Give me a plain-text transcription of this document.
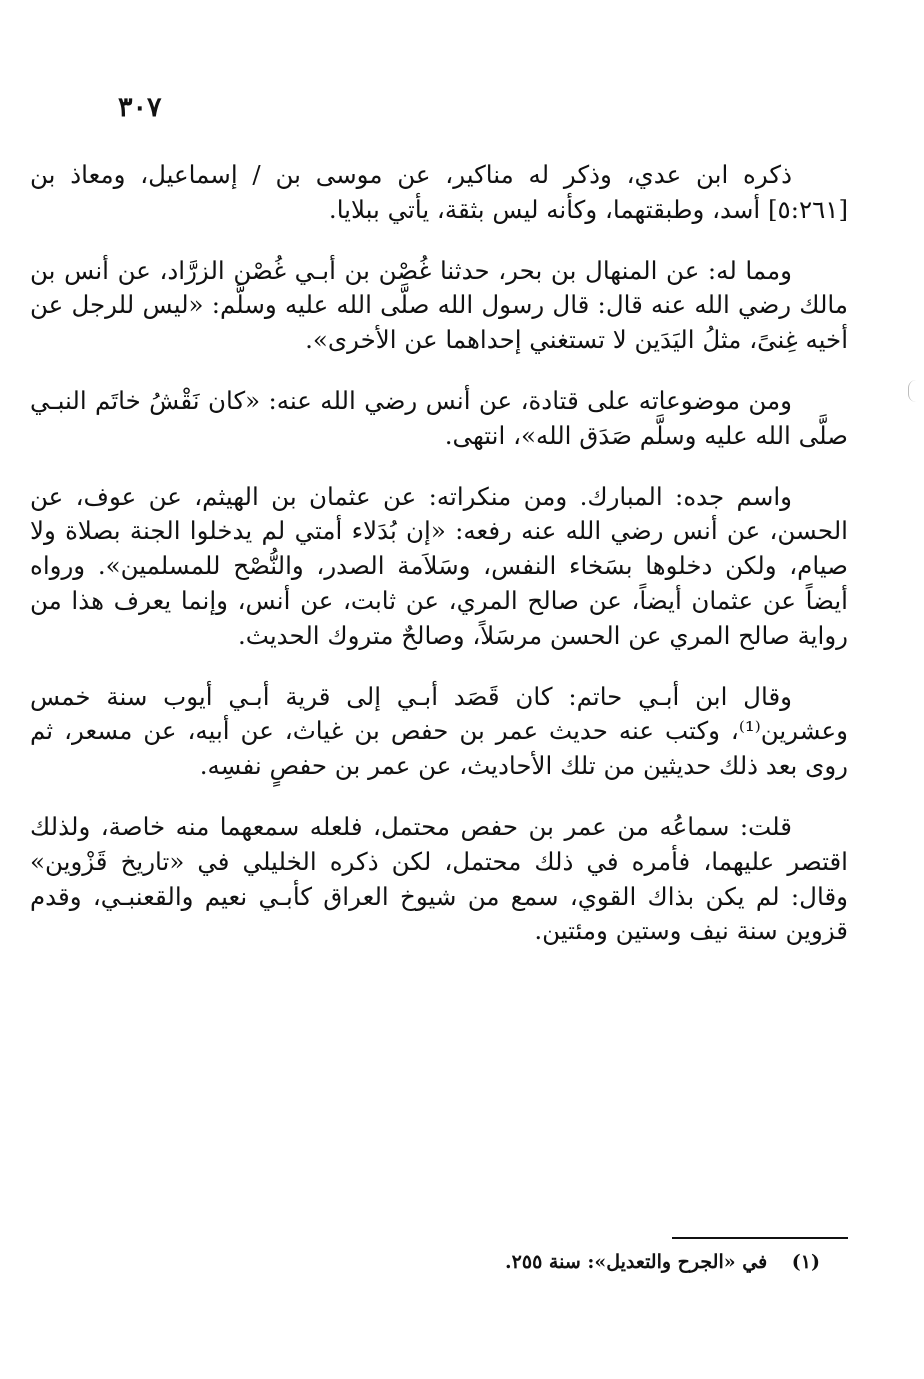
٣٠٧

ذكره ابن عدي، وذكر له مناكير، عن موسى بن / إسماعيل، ومعاذ بن [٥:٢٦١] أسد، وطبقتهما، وكأنه ليس بثقة، يأتي ببلايا.

ومما له: عن المنهال بن بحر، حدثنا غُصْن بن أبـي غُصْن الزرَّاد، عن أنس بن مالك رضي الله عنه قال: قال رسول الله صلَّى الله عليه وسلَّم: «ليس للرجل عن أخيه غِنىً، مثلُ اليَدَين لا تستغني إحداهما عن الأخرى».

ومن موضوعاته على قتادة، عن أنس رضي الله عنه: «كان نَقْشُ خاتَم النبـي صلَّى الله عليه وسلَّم صَدَق الله»، انتهى.

واسم جده: المبارك. ومن منكراته: عن عثمان بن الهيثم، عن عوف، عن الحسن، عن أنس رضي الله عنه رفعه: «إن بُدَلاء أمتي لم يدخلوا الجنة بصلاة ولا صيام، ولكن دخلوها بسَخاء النفس، وسَلاَمة الصدر، والنُّصْح للمسلمين». ورواه أيضاً عن عثمان أيضاً، عن صالح المري، عن ثابت، عن أنس، وإنما يعرف هذا من رواية صالح المري عن الحسن مرسَلاً، وصالحٌ متروك الحديث.

وقال ابن أبـي حاتم: كان قَصَد أبـي إلى قرية أبـي أيوب سنة خمس وعشرين⁽¹⁾، وكتب عنه حديث عمر بن حفص بن غياث، عن أبيه، عن مسعر، ثم روى بعد ذلك حديثين من تلك الأحاديث، عن عمر بن حفصٍ نفسِه.

قلت: سماعُه من عمر بن حفص محتمل، فلعله سمعهما منه خاصة، ولذلك اقتصر عليهما، فأمره في ذلك محتمل، لكن ذكره الخليلي في «تاريخ قَزْوين» وقال: لم يكن بذاك القوي، سمع من شيوخ العراق كأبـي نعيم والقعنبـي، وقدم قزوين سنة نيف وستين ومئتين.

(١) في «الجرح والتعديل»: سنة ٢٥٥.
